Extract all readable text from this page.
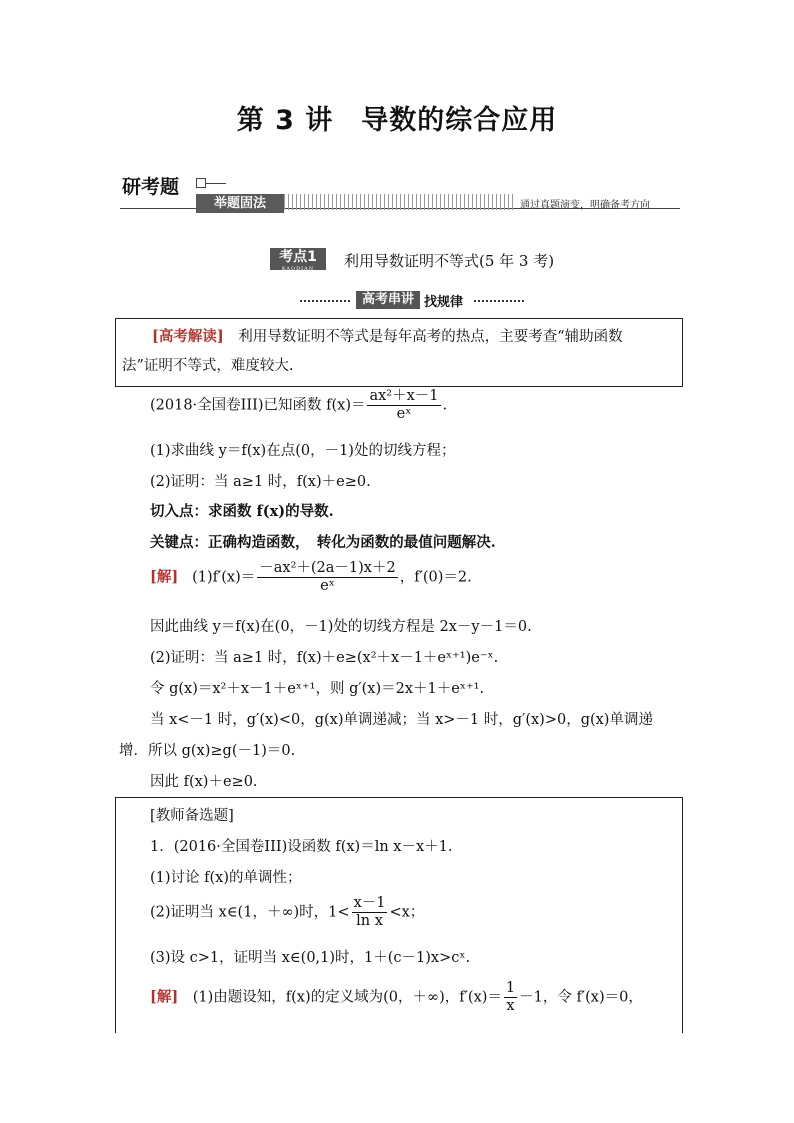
第 3 讲　导数的综合应用
研考题
举题固法	通过真题演变，明确备考方向
考点1
KAODIAN	利用导数证明不等式(5 年 3 考)
高考串讲 找规律
[高考解读]　利用导数证明不等式是每年高考的热点，主要考查“辅助函数
法”证明不等式，难度较大.
(2018·全国卷III)已知函数 $f(x)= \frac{\text{ax²＋x－1}}{\text{eˣ}}$ .
(1)求曲线 y＝f(x)在点(0，－1)处的切线方程；
(2)证明：当 a≥1 时，f(x)＋e≥0.
切入点：求函数 f(x)的导数.
关键点：正确构造函数，　转化为函数的最值问题解决.
[解] $(1)f'(x)= \frac{\text{－ax²＋(2a－1)x＋2}}{\text{eˣ}}$ ，f′(0)＝2.
因此曲线 y＝f(x)在(0，－1)处的切线方程是 2x－y－1＝0.
(2)证明：当 a≥1 时，f(x)＋e≥(x²＋x－1＋eˣ⁺¹)e⁻ˣ.
令 g(x)＝x²＋x－1＋eˣ⁺¹，则 g′(x)＝2x＋1＋eˣ⁺¹.
当 x<－1 时，g′(x)<0，g(x)单调递减；当 x>－1 时，g′(x)>0，g(x)单调递
增．所以 g(x)≥g(－1)＝0.
因此 f(x)＋e≥0.
[教师备选题]
1．(2016·全国卷III)设函数 f(x)＝ln x－x＋1.
(1)讨论 f(x)的单调性；
(2)证明当 x∈(1，＋∞)时，$1< \frac{x-1}{\text{ln x}} <x$；
(3)设 c>1，证明当 x∈(0,1)时，1＋(c－1)x>cˣ.
[解]　(1)由题设知，f(x)的定义域为(0，＋∞)，$f'(x)= \frac{1}{x} -1$，令 f′(x)＝0，
